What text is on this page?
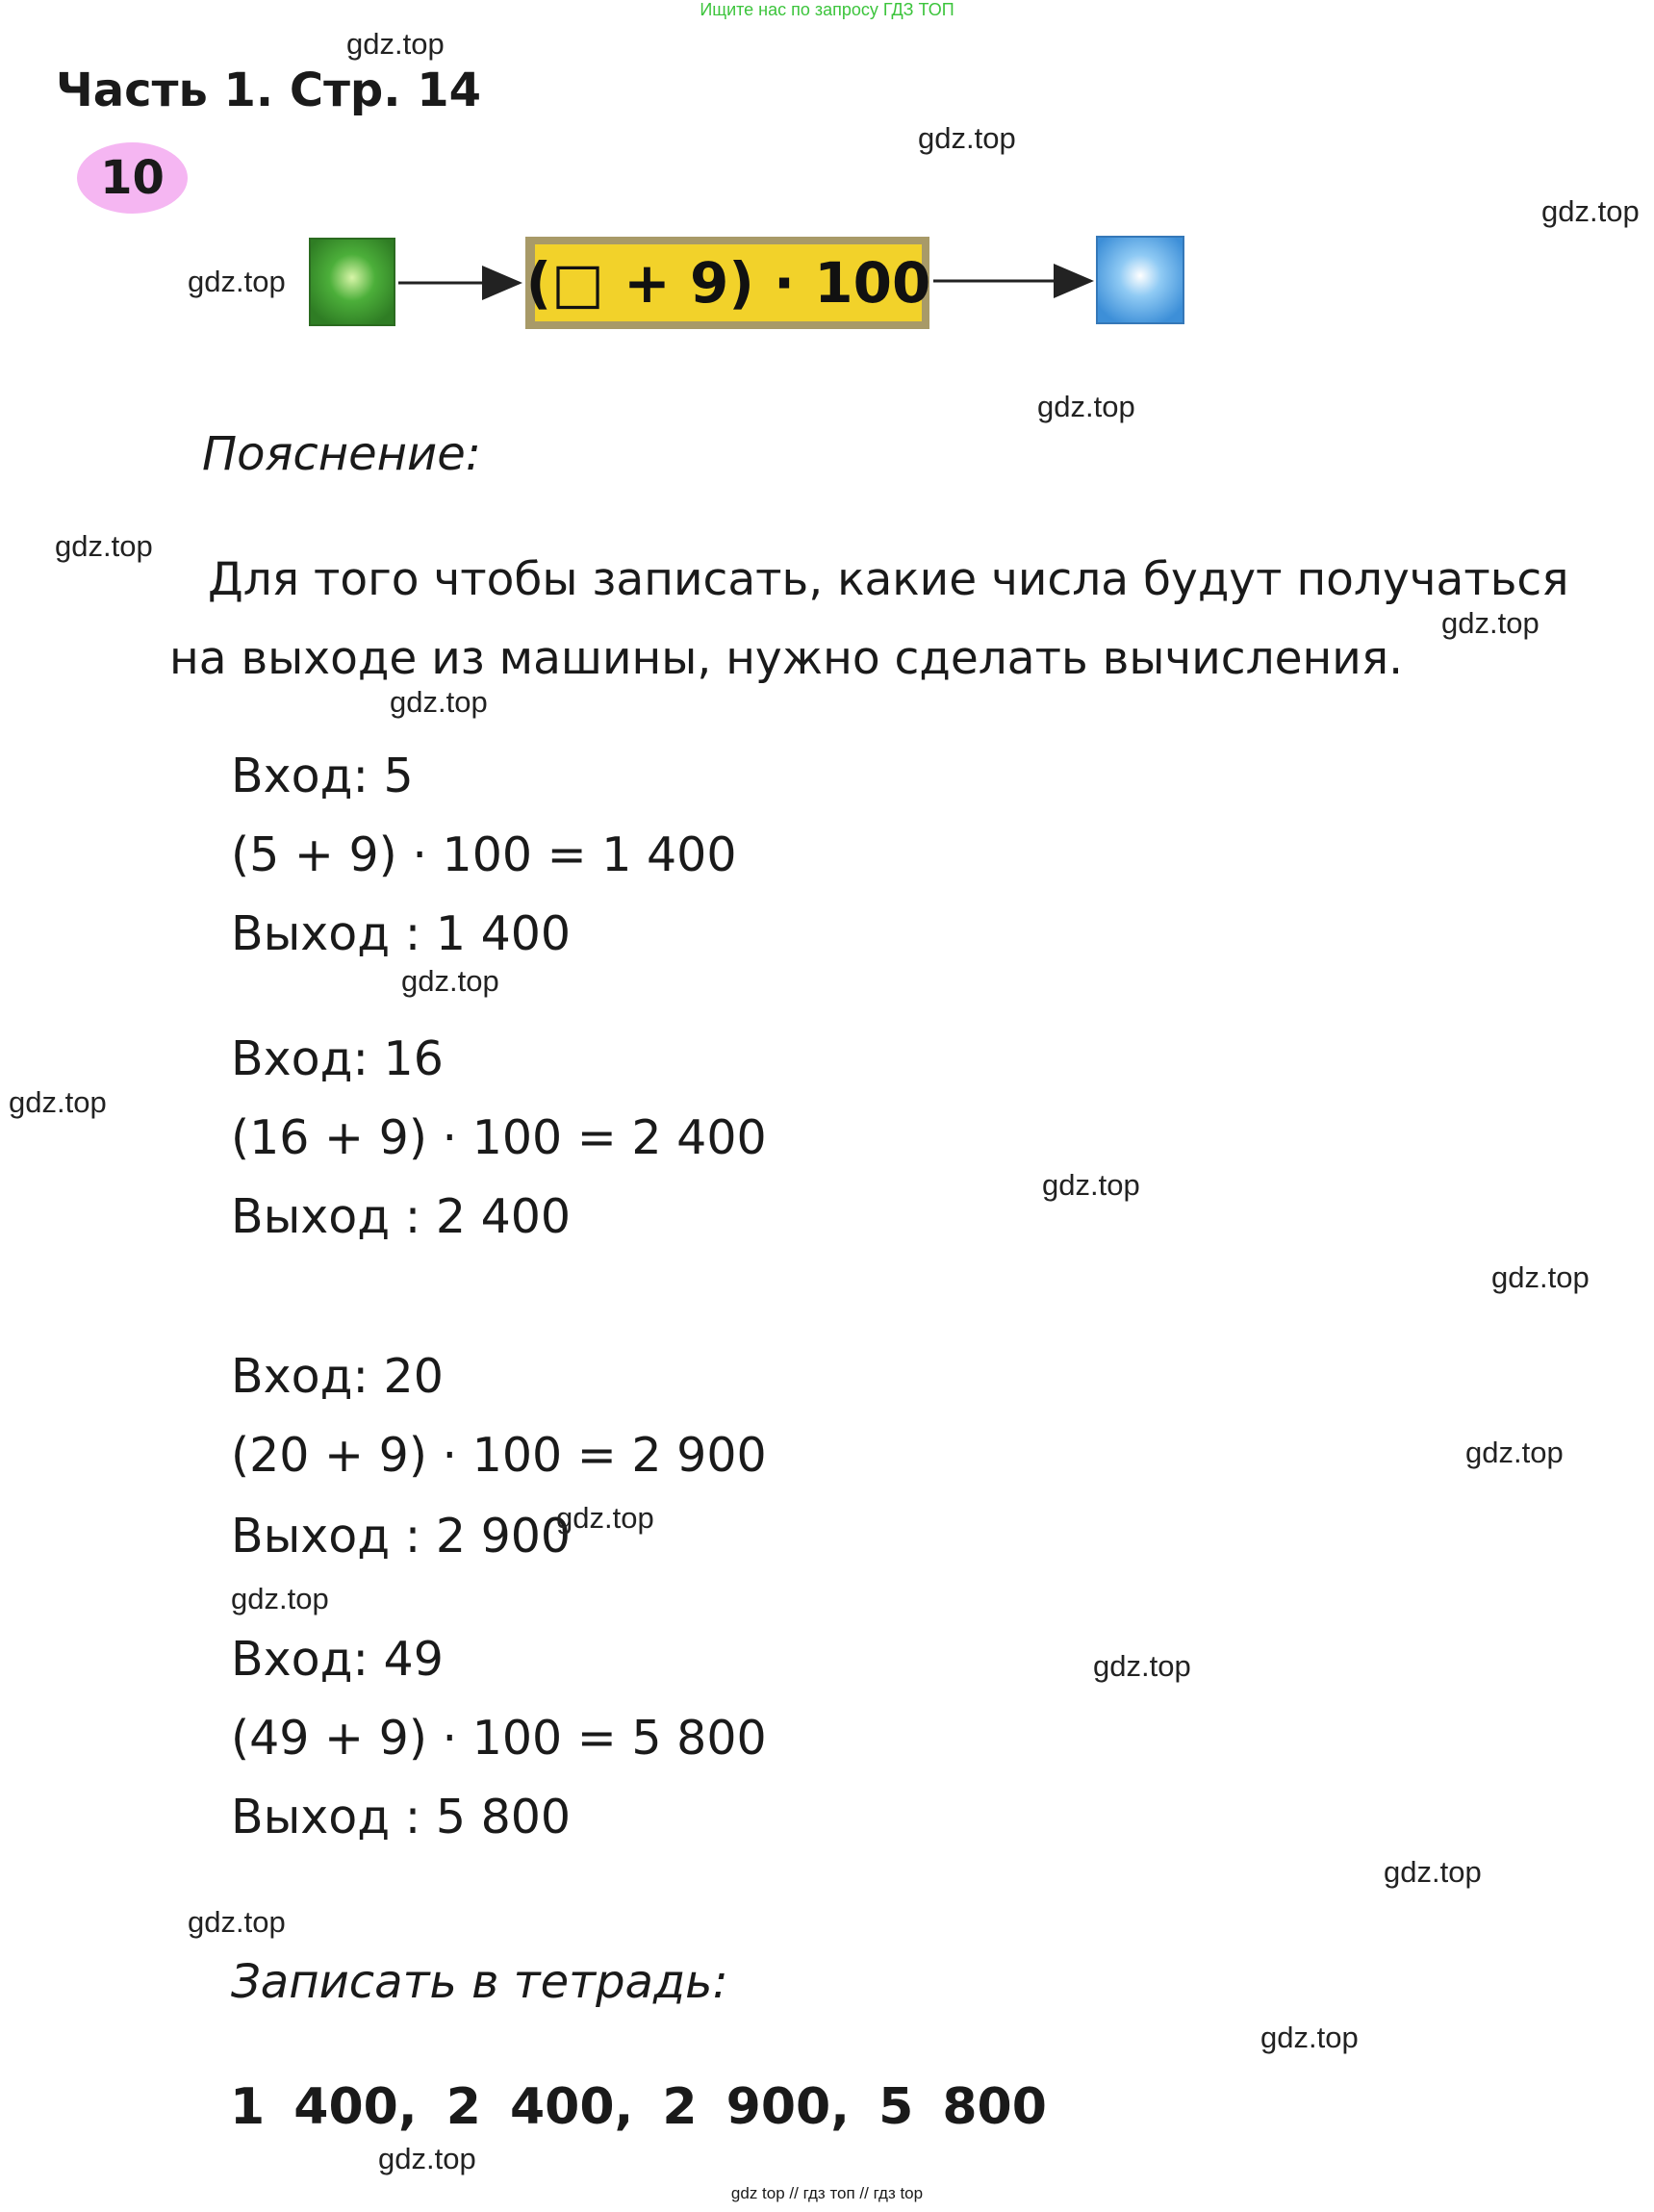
Ищите нас по запросу ГДЗ ТОП
gdz top // гдз топ // гдз top
Часть 1. Стр. 14
10
(□ + 9) · 100
Пояснение:
Для того чтобы записать, какие числа будут получаться на выходе из машины, нужно сделать вычисления.
Вход: 5
(5 + 9) · 100 = 1 400
Выход : 1 400
Вход: 16
(16 + 9) · 100 = 2 400
Выход : 2 400
Вход: 20
(20 + 9) · 100 = 2 900
Выход : 2 900
Вход: 49
(49 + 9) · 100 = 5 800
Выход : 5 800
Записать в тетрадь:
1 400, 2 400, 2 900, 5 800
gdz.top
gdz.top
gdz.top
gdz.top
gdz.top
gdz.top
gdz.top
gdz.top
gdz.top
gdz.top
gdz.top
gdz.top
gdz.top
gdz.top
gdz.top
gdz.top
gdz.top
gdz.top
gdz.top
gdz.top
